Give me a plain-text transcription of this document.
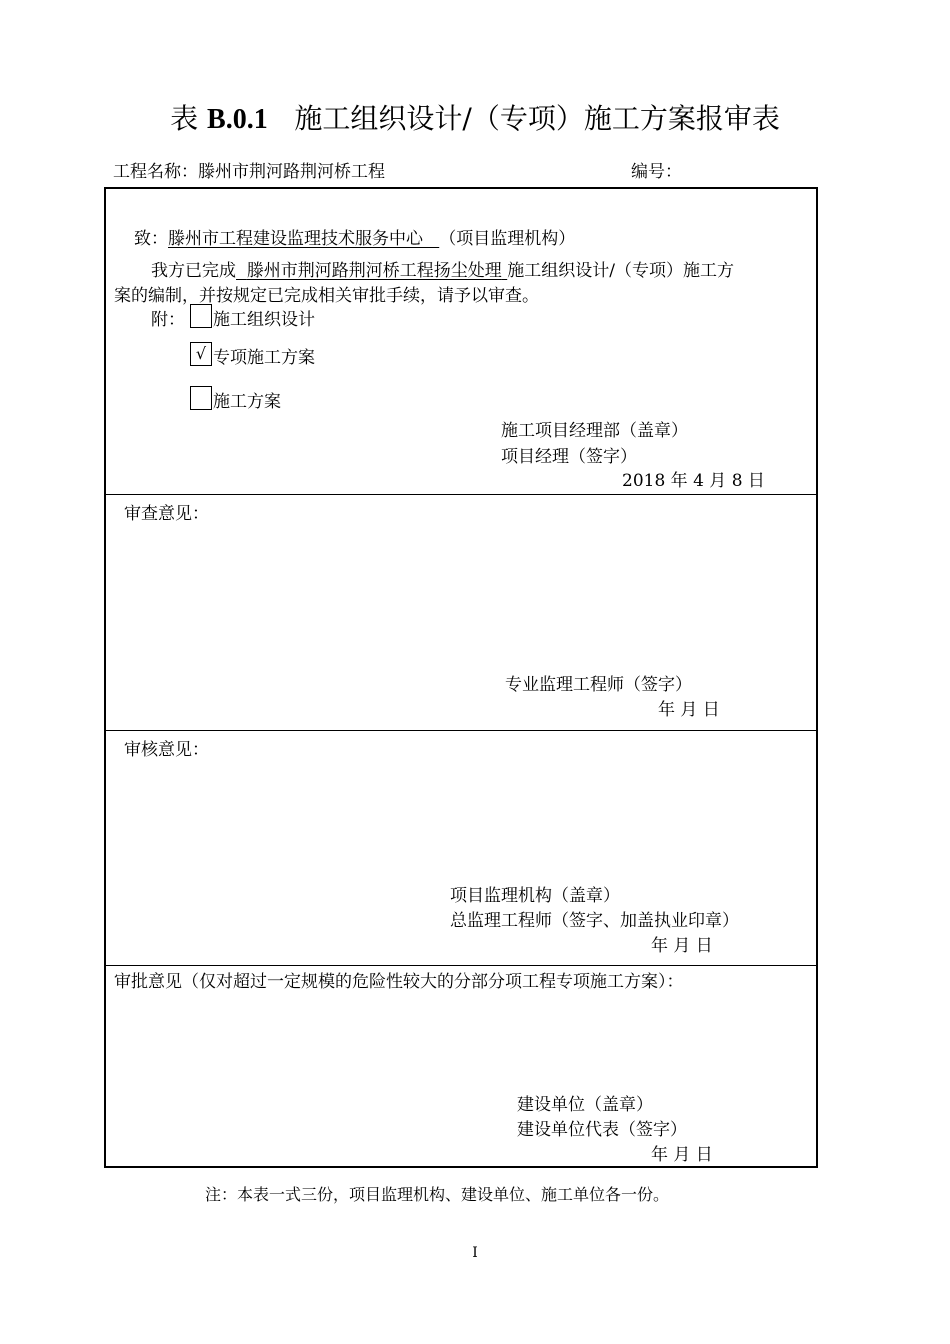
表 B.0.1 施工组织设计/（专项）施工方案报审表
工程名称：滕州市荆河路荆河桥工程	编号：
致：滕州市工程建设监理技术服务中心 （项目监理机构）
我方已完成 滕州市荆河路荆河桥工程扬尘处理 施工组织设计/（专项）施工方
案的编制，并按规定已完成相关审批手续，请予以审查。
附： 施工组织设计
√ 专项施工方案
施工方案
施工项目经理部（盖章）
项目经理（签字）
2018 年 4 月 8 日
审查意见：
专业监理工程师（签字）
年 月 日
审核意见：
项目监理机构（盖章）
总监理工程师（签字、加盖执业印章）
年 月 日
审批意见（仅对超过一定规模的危险性较大的分部分项工程专项施工方案）：
建设单位（盖章）
建设单位代表（签字）
年 月 日
注：本表一式三份，项目监理机构、建设单位、施工单位各一份。
I
